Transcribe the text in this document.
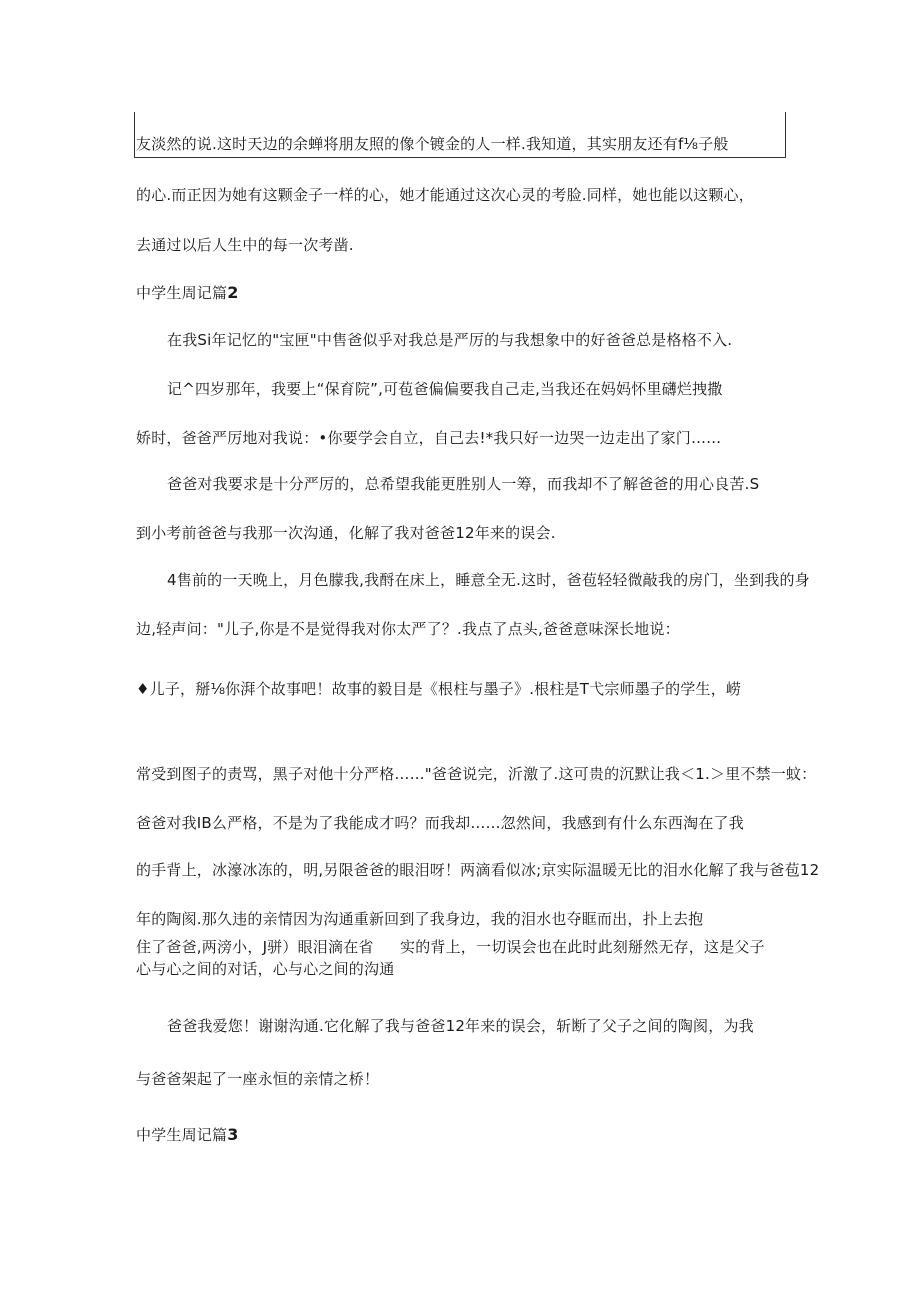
友淡然的说.这时天边的余蝉将朋友照的像个镀金的人一样.我知道，其实朋友还有f⅛子般
的心.而正因为她有这颗金子一样的心，她才能通过这次心灵的考脸.同样，她也能以这颗心，
去通过以后人生中的每一次考凿.
中学生周记篇2
在我Si年记忆的"宝匣"中售爸似乎对我总是严厉的与我想象中的好爸爸总是格格不入.
记^四岁那年，我要上“保育院”,可苞爸偏偏要我自己走,当我还在妈妈怀里礴烂拽撒
娇时，爸爸严厉地对我说：•你要学会自立，自己去!*我只好一边哭一边走出了家门……
爸爸对我要求是十分严厉的，总希望我能更胜别人一筹，而我却不了解爸爸的用心良苦.S
到小考前爸爸与我那一次沟通，化解了我对爸爸12年来的误会.
4售前的一天晚上，月色朦我,我酹在床上，睡意全无.这时，爸苞轻轻微敲我的房门，坐到我的身
边,轻声问："儿子,你是不是觉得我对你太严了？.我点了点头,爸爸意味深长地说：
♦儿子，掰⅛你湃个故事吧！故事的毅目是《根柱与墨子》.根柱是T弋宗师墨子的学生，崂
常受到图子的责骂，黑子对他十分严格……"爸爸说完，沂激了.这可贵的沉默让我＜1.＞里不禁一蚊：
爸爸对我IB么严格，不是为了我能成才吗？而我却……忽然间，我感到有什么东西淘在了我
的手背上，冰濠冰冻的，明,另限爸爸的眼泪呀！两滴看似冰;京实际温暖无比的泪水化解了我与爸苞12
年的陶阂.那久违的亲情因为沟通重新回到了我身边，我的泪水也夺眶而出，扑上去抱
住了爸爸,两滂小，J骈）眼泪滴在省 实的背上，一切误会也在此时此刻掰然无存，这是父子
心与心之间的对话，心与心之间的沟通
爸爸我爱您！谢谢沟通.它化解了我与爸爸12年来的误会，斩断了父子之间的陶阂，为我
与爸爸架起了一座永恒的亲情之桥！
中学生周记篇3
